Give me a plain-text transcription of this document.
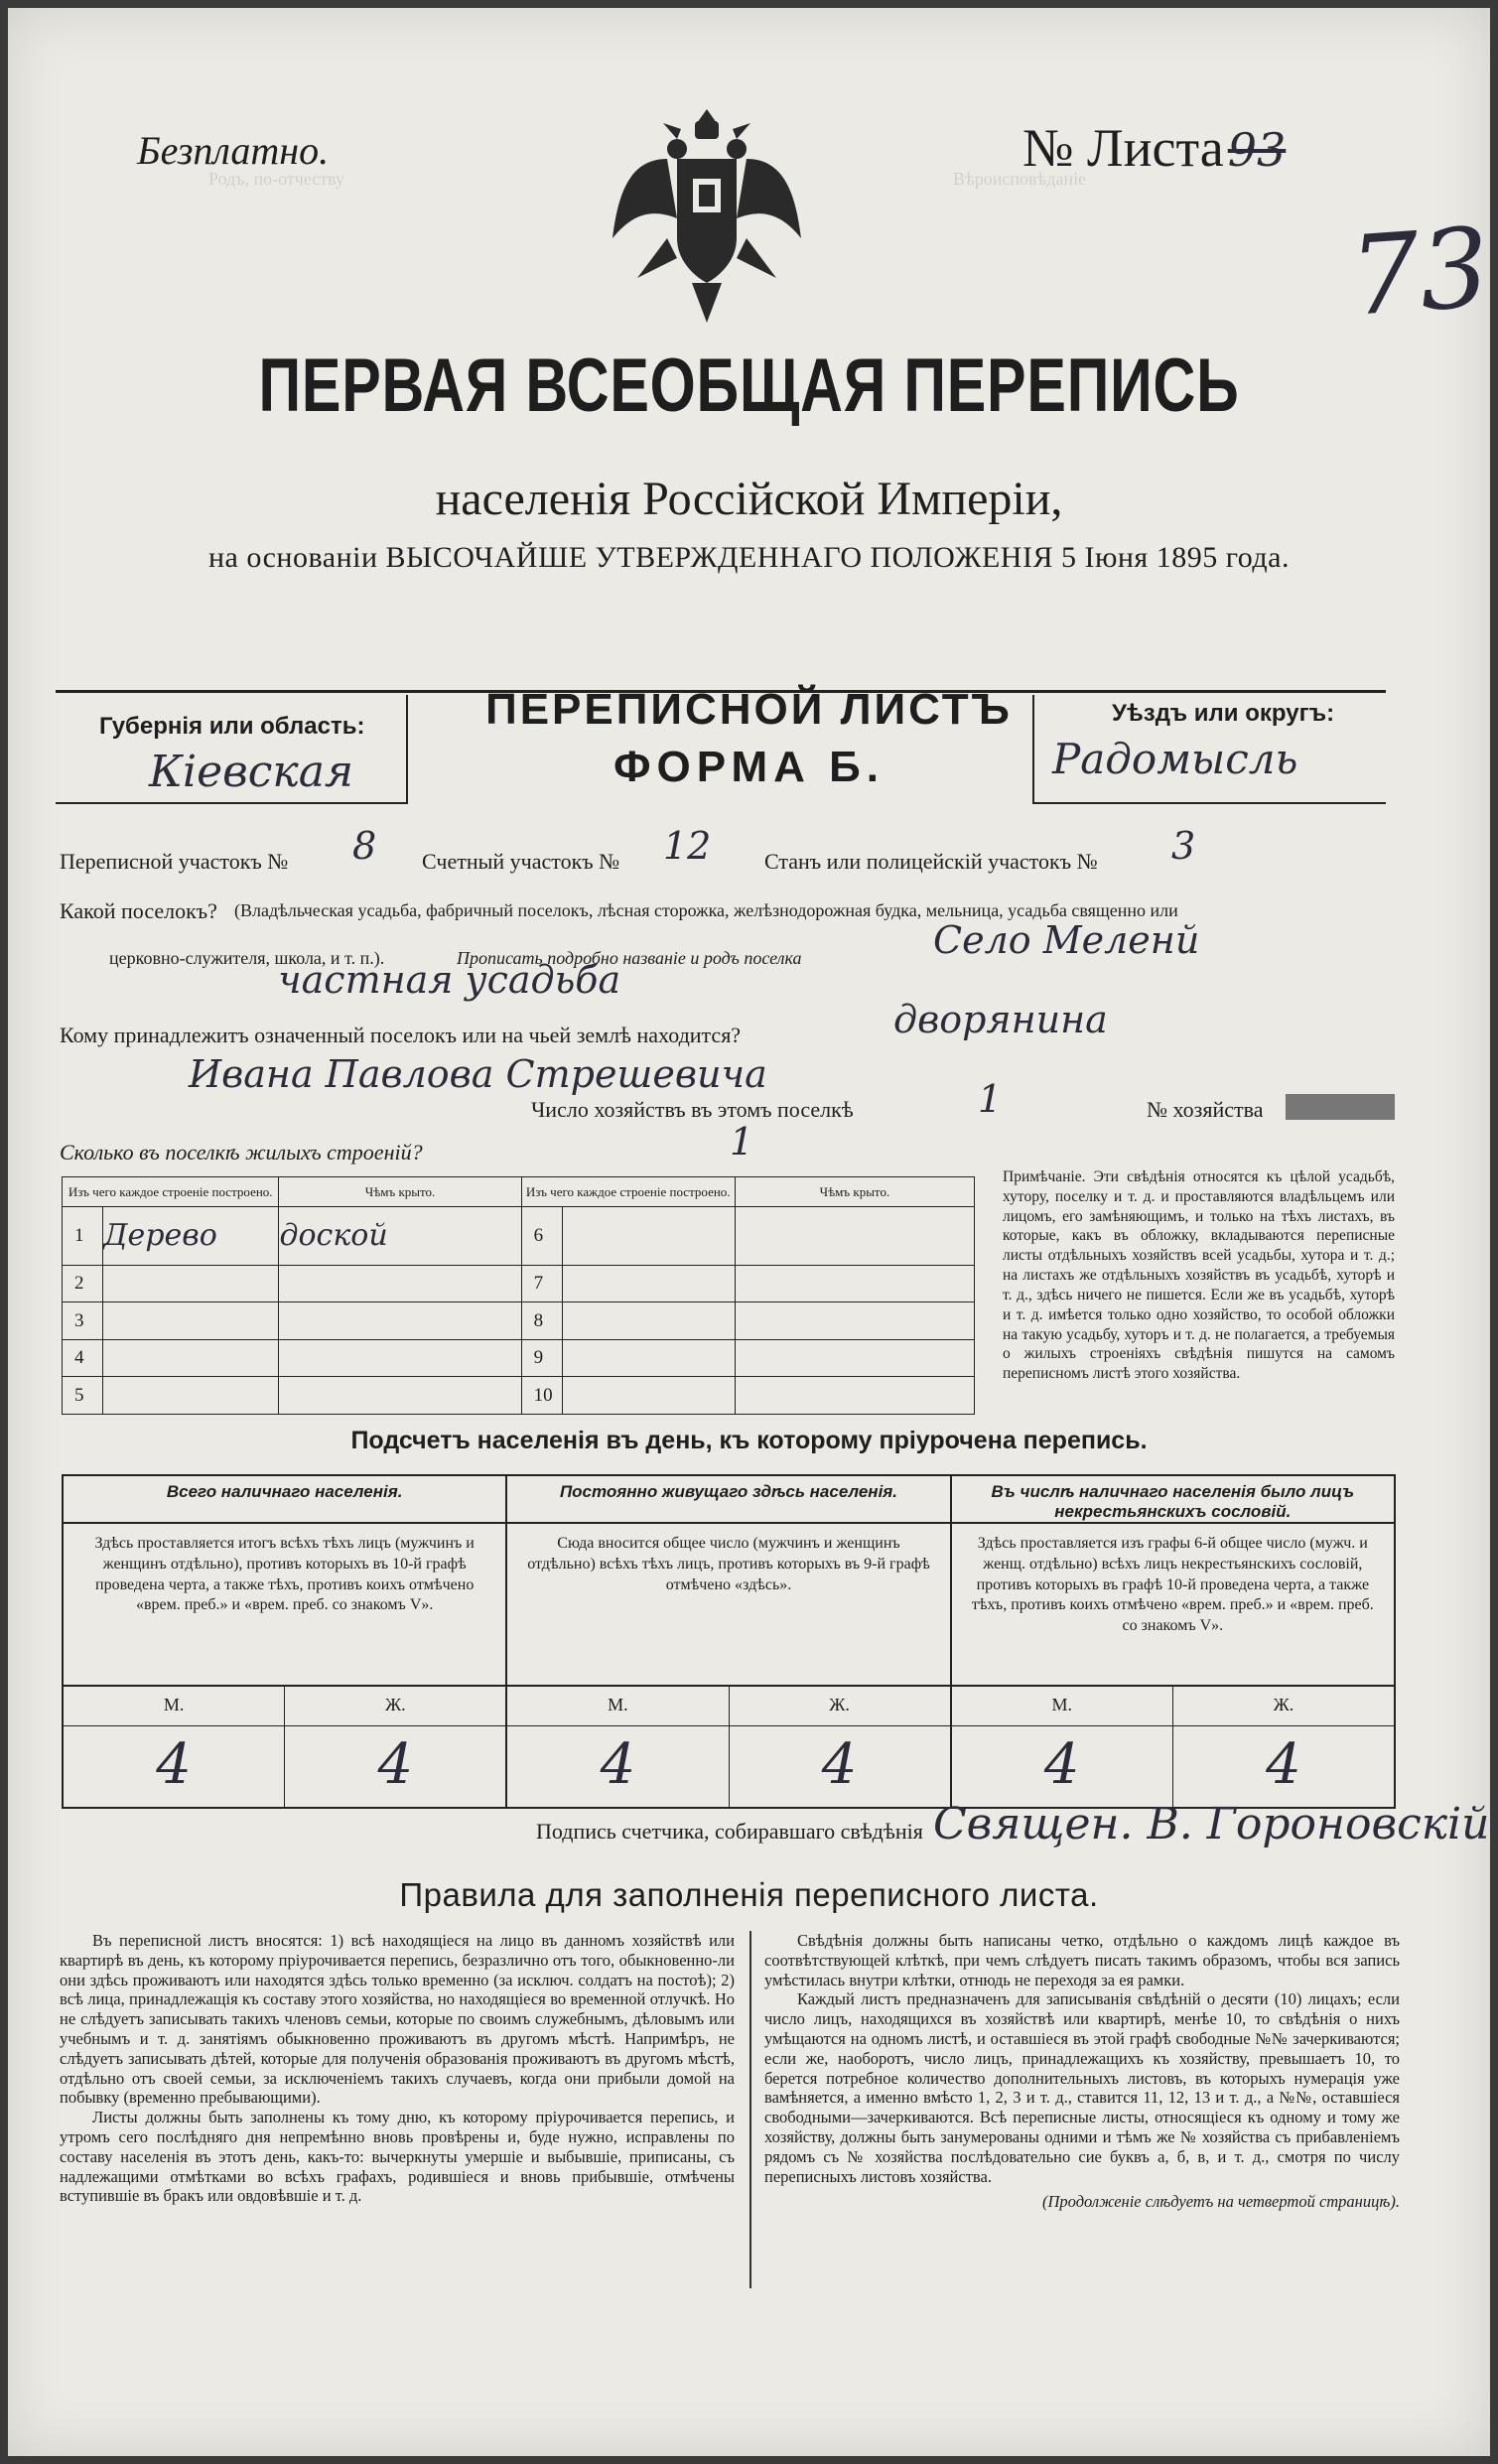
Родъ, по-отчеству	Вѣроисповѣданіе
Безплатно.	№ Листа93
73
ПЕРВАЯ ВСЕОБЩАЯ ПЕРЕПИСЬ
населенія Россійской Имперіи,
на основаніи ВЫСОЧАЙШЕ УТВЕРЖДЕННАГО ПОЛОЖЕНІЯ 5 Іюня 1895 года.
Губернія или область:
Кіевская
ПЕРЕПИСНОЙ ЛИСТЪ
ФОРМА Б.
Уѣздъ или округъ:
Радомысль
Переписной участокъ № 8 Счетный участокъ № 12 Станъ или полицейскій участокъ № 3
Какой поселокъ? (Владѣльческая усадьба, фабричный поселокъ, лѣсная сторожка, желѣзнодорожная будка, мельница, усадьба священно или
церковно-служителя, школа, и т. п.).	Прописать подробно названіе и родъ поселка	Село Меленй
частная усадьба
Кому принадлежитъ означенный поселокъ или на чьей землѣ находится?	дворянина
Ивана Павлова Стрешевича
Число хозяйствъ въ этомъ поселкѣ	1	№ хозяйства
Сколько въ поселкѣ жилыхъ строеній?	1
Изъ чего каждое строеніе построено.		Чѣмъ крыто.	Изъ чего каждое строеніе построено.		Чѣмъ крыто.
1	Дерево	доской	6		
2			7		
3			8		
4			9		
5			10		
Примѣчаніе. Эти свѣдѣнія относятся къ цѣлой усадьбѣ, хутору, поселку и т. д. и проставляются владѣльцемъ или лицомъ, его замѣняющимъ, и только на тѣхъ листахъ, въ которые, какъ въ обложку, вкладываются переписные листы отдѣльныхъ хозяйствъ всей усадьбы, хутора и т. д.; на листахъ же отдѣльныхъ хозяйствъ въ усадьбѣ, хуторѣ и т. д., здѣсь ничего не пишется. Если же въ усадьбѣ, хуторѣ и т. д. имѣется только одно хозяйство, то особой обложки на такую усадьбу, хуторъ и т. д. не полагается, а требуемыя о жилыхъ строеніяхъ свѣдѣнія пишутся на самомъ переписномъ листѣ этого хозяйства.
Подсчетъ населенія въ день, къ которому пріурочена перепись.
Всего наличнаго населенія.
Здѣсь проставляется итогъ всѣхъ тѣхъ лицъ (мужчинъ и женщинъ отдѣльно), противъ которыхъ въ 10-й графѣ проведена черта, а также тѣхъ, противъ коихъ отмѣчено «врем. преб.» и «врем. преб. со знакомъ V».
М.	Ж.
4	4
Постоянно живущаго здѣсь населенія.
Сюда вносится общее число (мужчинъ и женщинъ отдѣльно) всѣхъ тѣхъ лицъ, противъ которыхъ въ 9-й графѣ отмѣчено «здѣсь».
М.	Ж.
4	4
Въ числѣ наличнаго населенія было лицъ некрестьянскихъ сословій.
Здѣсь проставляется изъ графы 6-й общее число (мужч. и женщ. отдѣльно) всѣхъ лицъ некрестьянскихъ сословій, противъ которыхъ въ графѣ 10-й проведена черта, а также тѣхъ, противъ коихъ отмѣчено «врем. преб.» и «врем. преб. со знакомъ V».
М.	Ж.
4	4
Подпись счетчика, собиравшаго свѣдѣнія Священ. В. Гороновскій
Правила для заполненія переписного листа.

Въ переписной листъ вносятся: 1) всѣ находящіеся на лицо въ данномъ хозяйствѣ или квартирѣ въ день, къ которому пріурочивается перепись, безразлично отъ того, обыкновенно-ли они здѣсь проживаютъ или находятся здѣсь только временно (за исключ. солдатъ на постоѣ); 2) всѣ лица, принадлежащія къ составу этого хозяйства, но находящіеся во временной отлучкѣ. Но не слѣдуетъ записывать такихъ членовъ семьи, которые по своимъ служебнымъ, дѣловымъ или учебнымъ и т. д. занятіямъ обыкновенно проживаютъ въ другомъ мѣстѣ. Напримѣръ, не слѣдуетъ записывать дѣтей, которые для полученія образованія проживаютъ въ другомъ мѣстѣ, отдѣльно отъ своей семьи, за исключеніемъ такихъ случаевъ, когда они прибыли домой на побывку (временно пребывающими).

Листы должны быть заполнены къ тому дню, къ которому пріурочивается перепись, и утромъ сего послѣдняго дня непремѣнно вновь провѣрены и, буде нужно, исправлены по составу населенія въ этотъ день, какъ-то: вычеркнуты умершіе и выбывшіе, приписаны, съ надлежащими отмѣтками во всѣхъ графахъ, родившіеся и вновь прибывшіе, отмѣчены вступившіе въ бракъ или овдовѣвшіе и т. д.

Свѣдѣнія должны быть написаны четко, отдѣльно о каждомъ лицѣ каждое въ соотвѣтствующей клѣткѣ, при чемъ слѣдуетъ писать такимъ образомъ, чтобы вся запись умѣстилась внутри клѣтки, отнюдь не переходя за ея рамки.

Каждый листъ предназначенъ для записыванія свѣдѣній о десяти (10) лицахъ; если число лицъ, находящихся въ хозяйствѣ или квартирѣ, менѣе 10, то свѣдѣнія о нихъ умѣщаются на одномъ листѣ, и оставшіеся въ этой графѣ свободные №№ зачеркиваются; если же, наоборотъ, число лицъ, принадлежащихъ къ хозяйству, превышаетъ 10, то берется потребное количество дополнительныхъ листовъ, въ которыхъ нумерація уже вамѣняется, а именно вмѣсто 1, 2, 3 и т. д., ставится 11, 12, 13 и т. д., а №№, оставшіеся свободными—зачеркиваются. Всѣ переписные листы, относящіеся къ одному и тому же хозяйству, должны быть занумерованы одними и тѣмъ же № хозяйства съ прибавленіемъ рядомъ съ № хозяйства послѣдовательно сие буквъ а, б, в, и т. д., смотря по числу переписныхъ листовъ хозяйства.

(Продолженіе слѣдуетъ на четвертой страницѣ).
